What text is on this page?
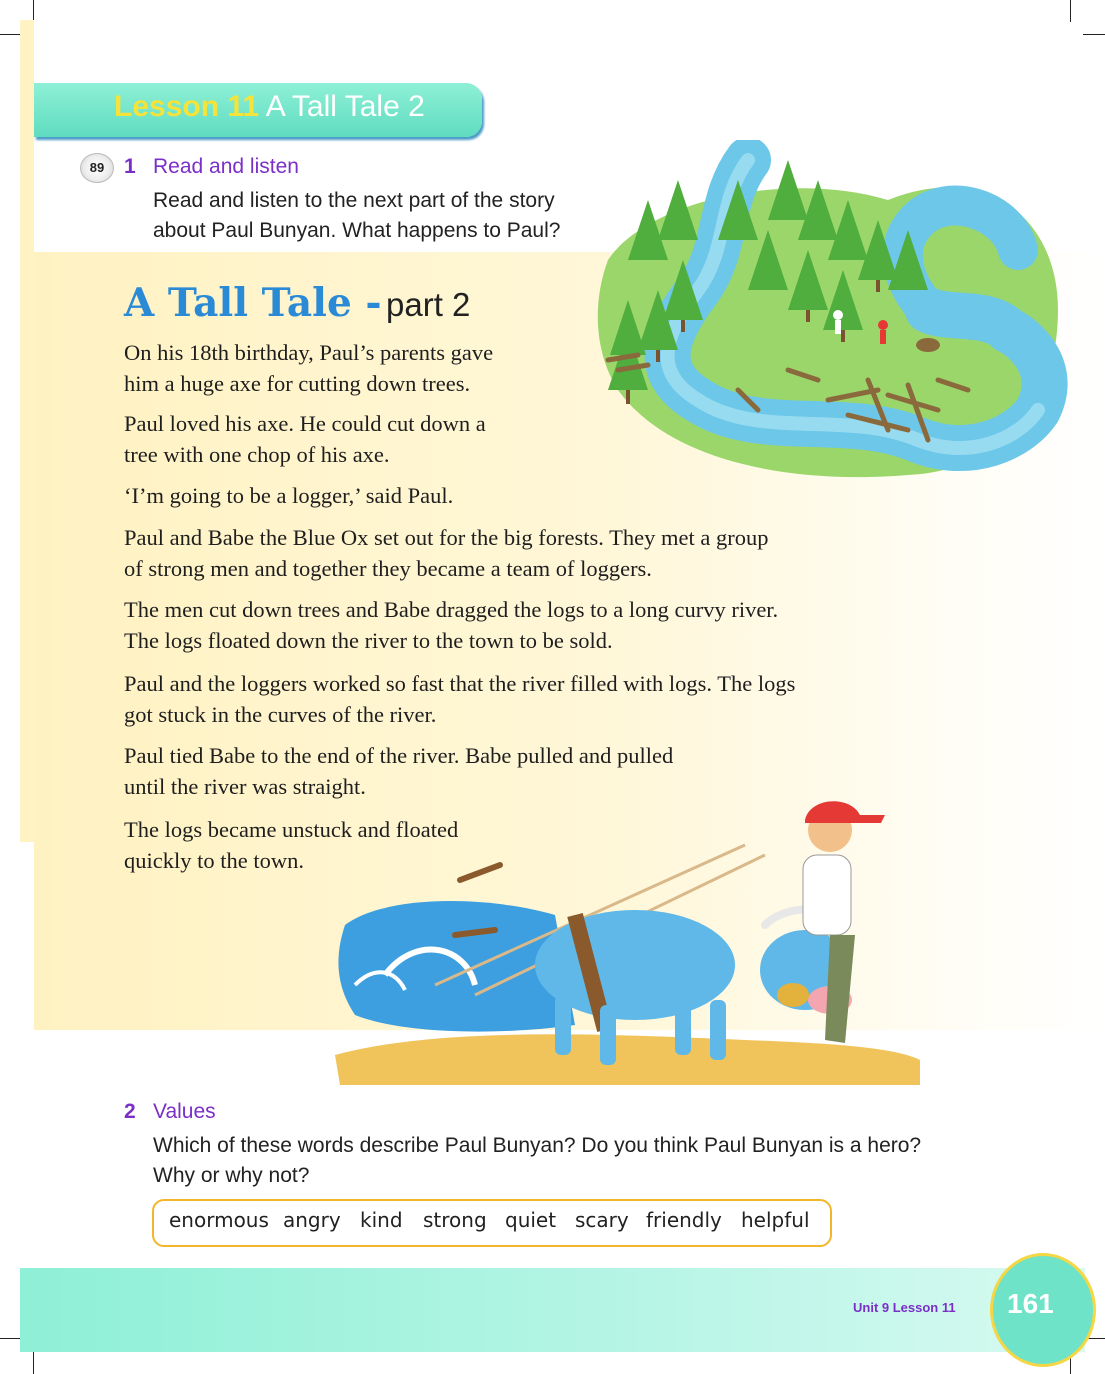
Lesson 11 A Tall Tale 2
89 1 Read and listen
Read and listen to the next part of the story
about Paul Bunyan. What happens to Paul?
A Tall Tale - part 2
On his 18th birthday, Paul’s parents gave
him a huge axe for cutting down trees.
Paul loved his axe. He could cut down a
tree with one chop of his axe.
‘I’m going to be a logger,’ said Paul.
Paul and Babe the Blue Ox set out for the big forests. They met a group
of strong men and together they became a team of loggers.
The men cut down trees and Babe dragged the logs to a long curvy river.
The logs floated down the river to the town to be sold.
Paul and the loggers worked so fast that the river filled with logs. The logs
got stuck in the curves of the river.
Paul tied Babe to the end of the river. Babe pulled and pulled
until the river was straight.
The logs became unstuck and floated
quickly to the town.
2 Values
Which of these words describe Paul Bunyan? Do you think Paul Bunyan is a hero?
Why or why not?
enormous angry kind strong quiet scary friendly helpful
Unit 9 Lesson 11 161
